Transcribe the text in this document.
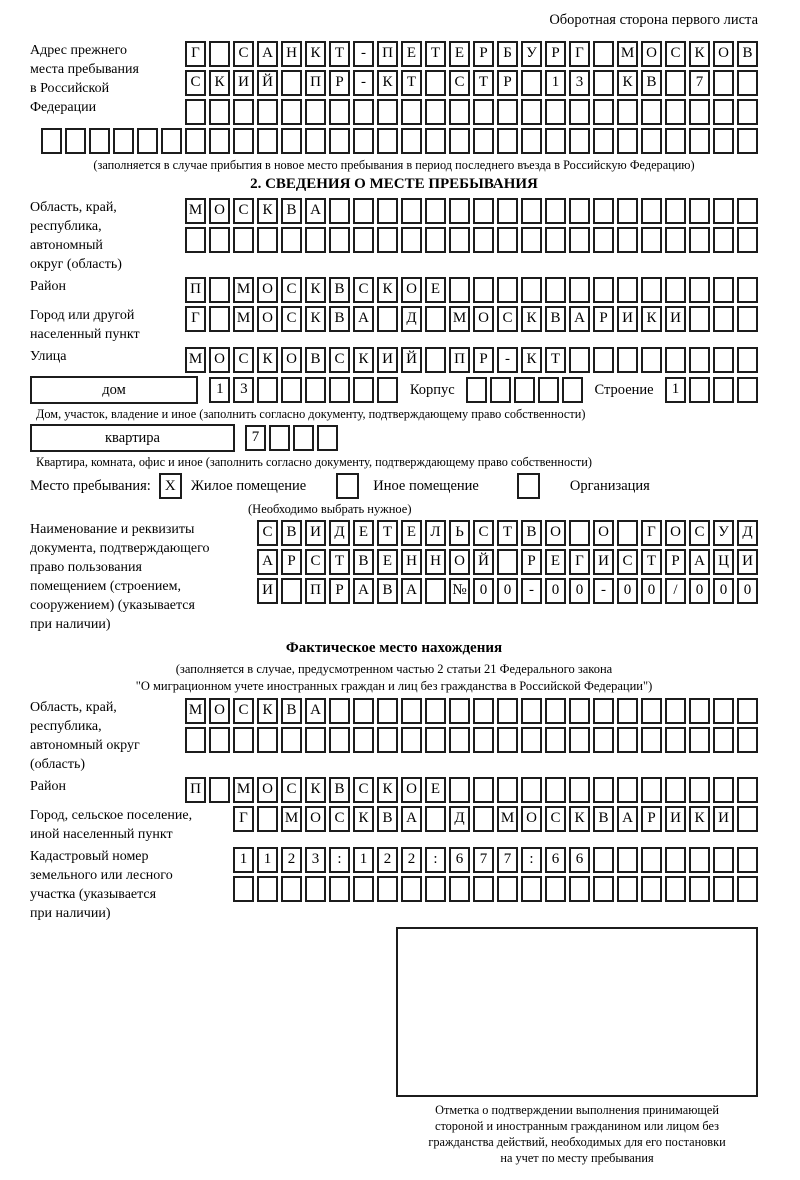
Оборотная сторона первого листа
Адрес прежнего
места пребывания
в Российской
Федерации
Г	С А Н К Т	-	П Е Т Е	Р	Б У Р	Г	М О С К О В
С К И Й	П Р	-	К Т	С Т	Р	1	3	К В	7
(заполняется в случае прибытия в новое место пребывания в период последнего въезда в Российскую Федерацию)
2. СВЕДЕНИЯ О МЕСТЕ ПРЕБЫВАНИЯ
Область, край,
республика,
автономный
округ (область)
М О С К В А
Район	П	М О С К В С К О Е
Город или другой
населенный пункт
Г	М О С К В А	Д	М О С К В А Р И К И
Улица	М О С К О В С К И Й	П Р	-	К Т
дом	1	3	Корпус	Строение	1
Дом, участок, владение и иное (заполнить согласно документу, подтверждающему право собственности)
квартира	7
Квартира, комната, офис и иное (заполнить согласно документу, подтверждающему право собственности)
Место пребывания: X	Жилое помещение	Иное помещение	Организация
(Необходимо выбрать нужное)
Наименование и реквизиты
документа, подтверждающего
право пользования
помещением (строением,
сооружением) (указывается
при наличии)
С В И Д Е Т Е Л Ь С Т В О	О	Г О С У Д
А Р С Т В Е Н Н О Й	Р	Е	Г И С Т	Р А Ц И
И	П Р А В А	№ 0	0	-	0	0	-	0	0	/	0	0	0
Фактическое место нахождения
(заполняется в случае, предусмотренном частью 2 статьи 21 Федерального закона
"О миграционном учете иностранных граждан и лиц без гражданства в Российской Федерации")
Область, край,
республика,
автономный округ
(область)
М О С К В А
Район	П	М О С К В С К О Е
Город, сельское поселение,
иной населенный пункт
Г	М О С К В А	Д	М О С К В А Р И К И
Кадастровый номер
земельного или лесного
участка (указывается
при наличии)
1	1	2	3	:	1	2	2	:	6	7	7	:	6	6
Отметка о подтверждении выполнения принимающей
стороной и иностранным гражданином или лицом без
гражданства действий, необходимых для его постановки
на учет по месту пребывания
